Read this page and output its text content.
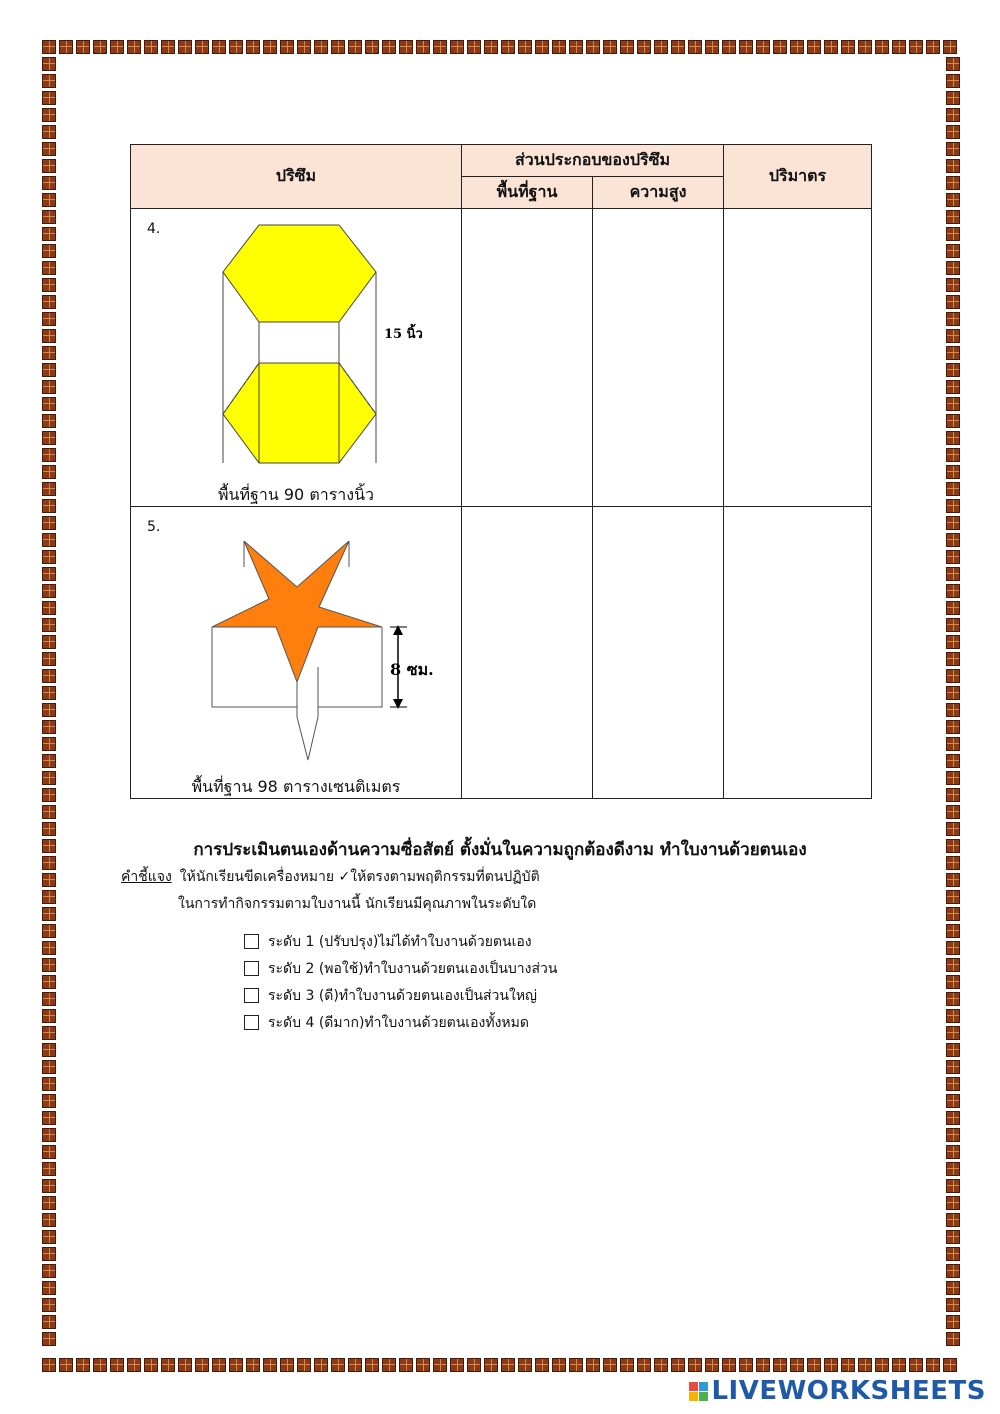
ปริซึม	ส่วนประกอบของปริซึม		ปริมาตร
	พื้นที่ฐาน	ความสูง	

4.
15 นิ้ว
พื้นที่ฐาน 90 ตารางนิ้ว			

5.
8 ซม.
พื้นที่ฐาน 98 ตารางเซนติเมตร			

การประเมินตนเองด้านความซื่อสัตย์ ตั้งมั่นในความถูกต้องดีงาม ทำใบงานด้วยตนเอง
คำชี้แจง ให้นักเรียนขีดเครื่องหมาย ✓ให้ตรงตามพฤติกรรมที่ตนปฏิบัติ
ในการทำกิจกรรมตามใบงานนี้ นักเรียนมีคุณภาพในระดับใด
ระดับ 1 (ปรับปรุง)ไม่ได้ทำใบงานด้วยตนเอง
ระดับ 2 (พอใช้)ทำใบงานด้วยตนเองเป็นบางส่วน
ระดับ 3 (ดี)ทำใบงานด้วยตนเองเป็นส่วนใหญ่
ระดับ 4 (ดีมาก)ทำใบงานด้วยตนเองทั้งหมด
LIVEWORKSHEETS
